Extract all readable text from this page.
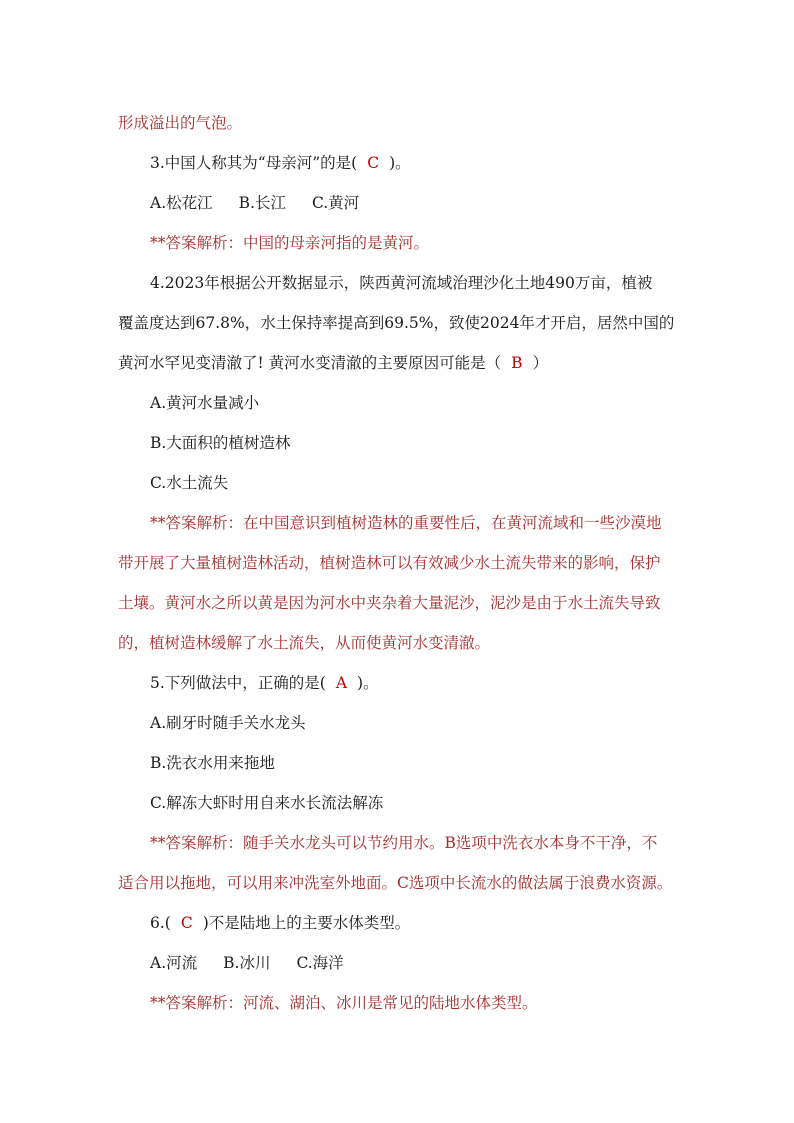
形成溢出的气泡。
3.中国人称其为“母亲河”的是( C )。
A.松花江 B.长江 C.黄河
**答案解析：中国的母亲河指的是黄河。
4.2023年根据公开数据显示，陕西黄河流域治理沙化土地490万亩，植被
覆盖度达到67.8%，水土保持率提高到69.5%，致使2024年才开启，居然中国的
黄河水罕见变清澈了! 黄河水变清澈的主要原因可能是（ B ）
A.黄河水量减小
B.大面积的植树造林
C.水土流失
**答案解析：在中国意识到植树造林的重要性后，在黄河流域和一些沙漠地
带开展了大量植树造林活动，植树造林可以有效减少水土流失带来的影响，保护
土壤。黄河水之所以黄是因为河水中夹杂着大量泥沙，泥沙是由于水土流失导致
的，植树造林缓解了水土流失，从而使黄河水变清澈。
5.下列做法中，正确的是( A )。
A.刷牙时随手关水龙头
B.洗衣水用来拖地
C.解冻大虾时用自来水长流法解冻
**答案解析：随手关水龙头可以节约用水。B选项中洗衣水本身不干净，不
适合用以拖地，可以用来冲洗室外地面。C选项中长流水的做法属于浪费水资源。
6.( C )不是陆地上的主要水体类型。
A.河流 B.冰川 C.海洋
**答案解析：河流、湖泊、冰川是常见的陆地水体类型。
